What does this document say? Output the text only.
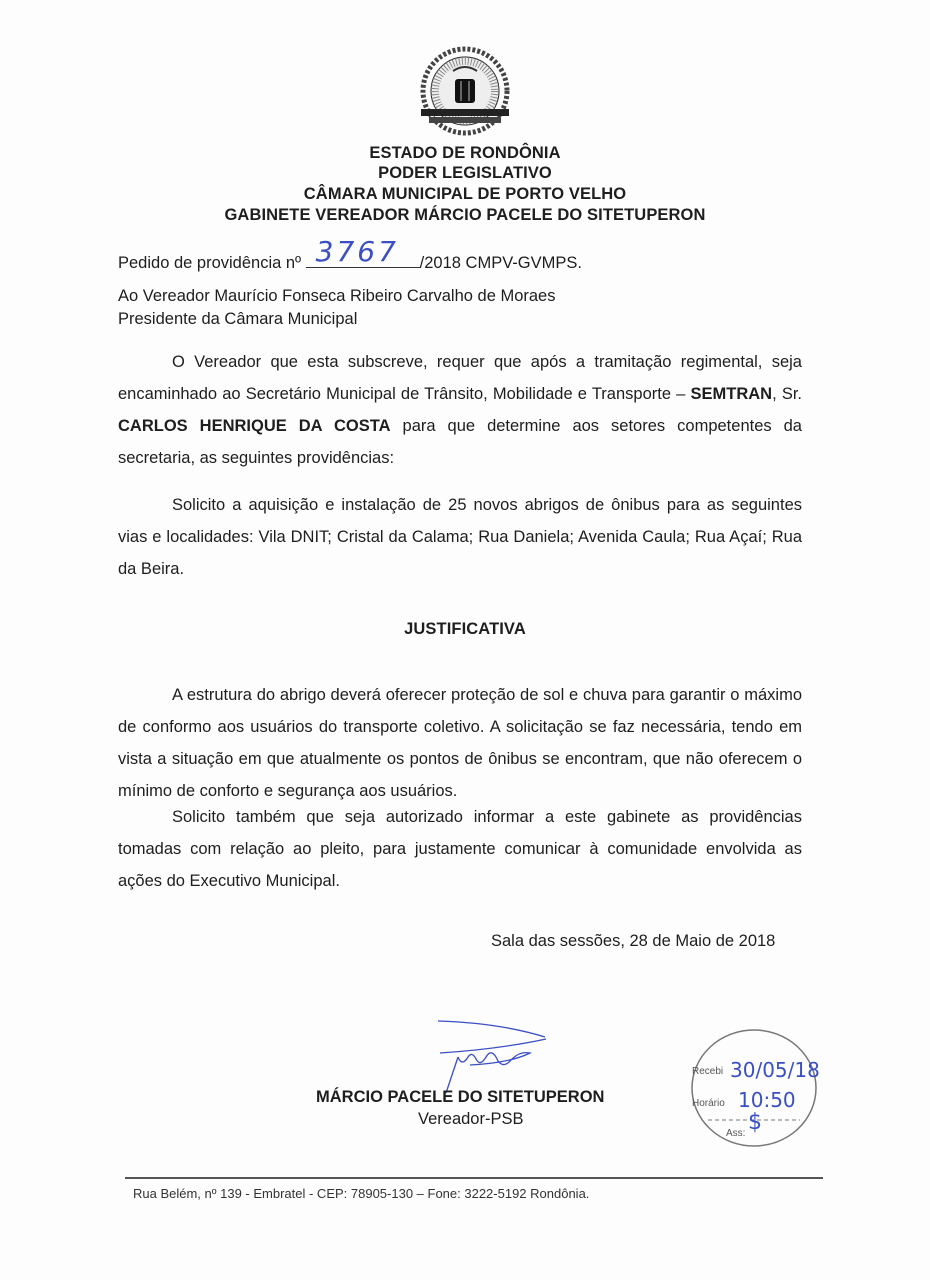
ESTADO DE RONDÔNIA
PODER LEGISLATIVO
CÂMARA MUNICIPAL DE PORTO VELHO
GABINETE VEREADOR MÁRCIO PACELE DO SITETUPERON
Pedido de providência nº 3767 /2018 CMPV-GVMPS.
Ao Vereador Maurício Fonseca Ribeiro Carvalho de Moraes
Presidente da Câmara Municipal
O Vereador que esta subscreve, requer que após a tramitação regimental, seja encaminhado ao Secretário Municipal de Trânsito, Mobilidade e Transporte – SEMTRAN, Sr. CARLOS HENRIQUE DA COSTA para que determine aos setores competentes da secretaria, as seguintes providências:
Solicito a aquisição e instalação de 25 novos abrigos de ônibus para as seguintes vias e localidades: Vila DNIT; Cristal da Calama; Rua Daniela; Avenida Caula; Rua Açaí; Rua da Beira.
JUSTIFICATIVA
A estrutura do abrigo deverá oferecer proteção de sol e chuva para garantir o máximo de conformo aos usuários do transporte coletivo. A solicitação se faz necessária, tendo em vista a situação em que atualmente os pontos de ônibus se encontram, que não oferecem o mínimo de conforto e segurança aos usuários.
Solicito também que seja autorizado informar a este gabinete as providências tomadas com relação ao pleito, para justamente comunicar à comunidade envolvida as ações do Executivo Municipal.
Sala das sessões, 28 de Maio de 2018
MÁRCIO PACELE DO SITETUPERON
Vereador-PSB
Recebi 30/05/18
Horário 10:50
Ass: $
Rua Belém, nº 139 - Embratel - CEP: 78905-130 – Fone: 3222-5192 Rondônia.
